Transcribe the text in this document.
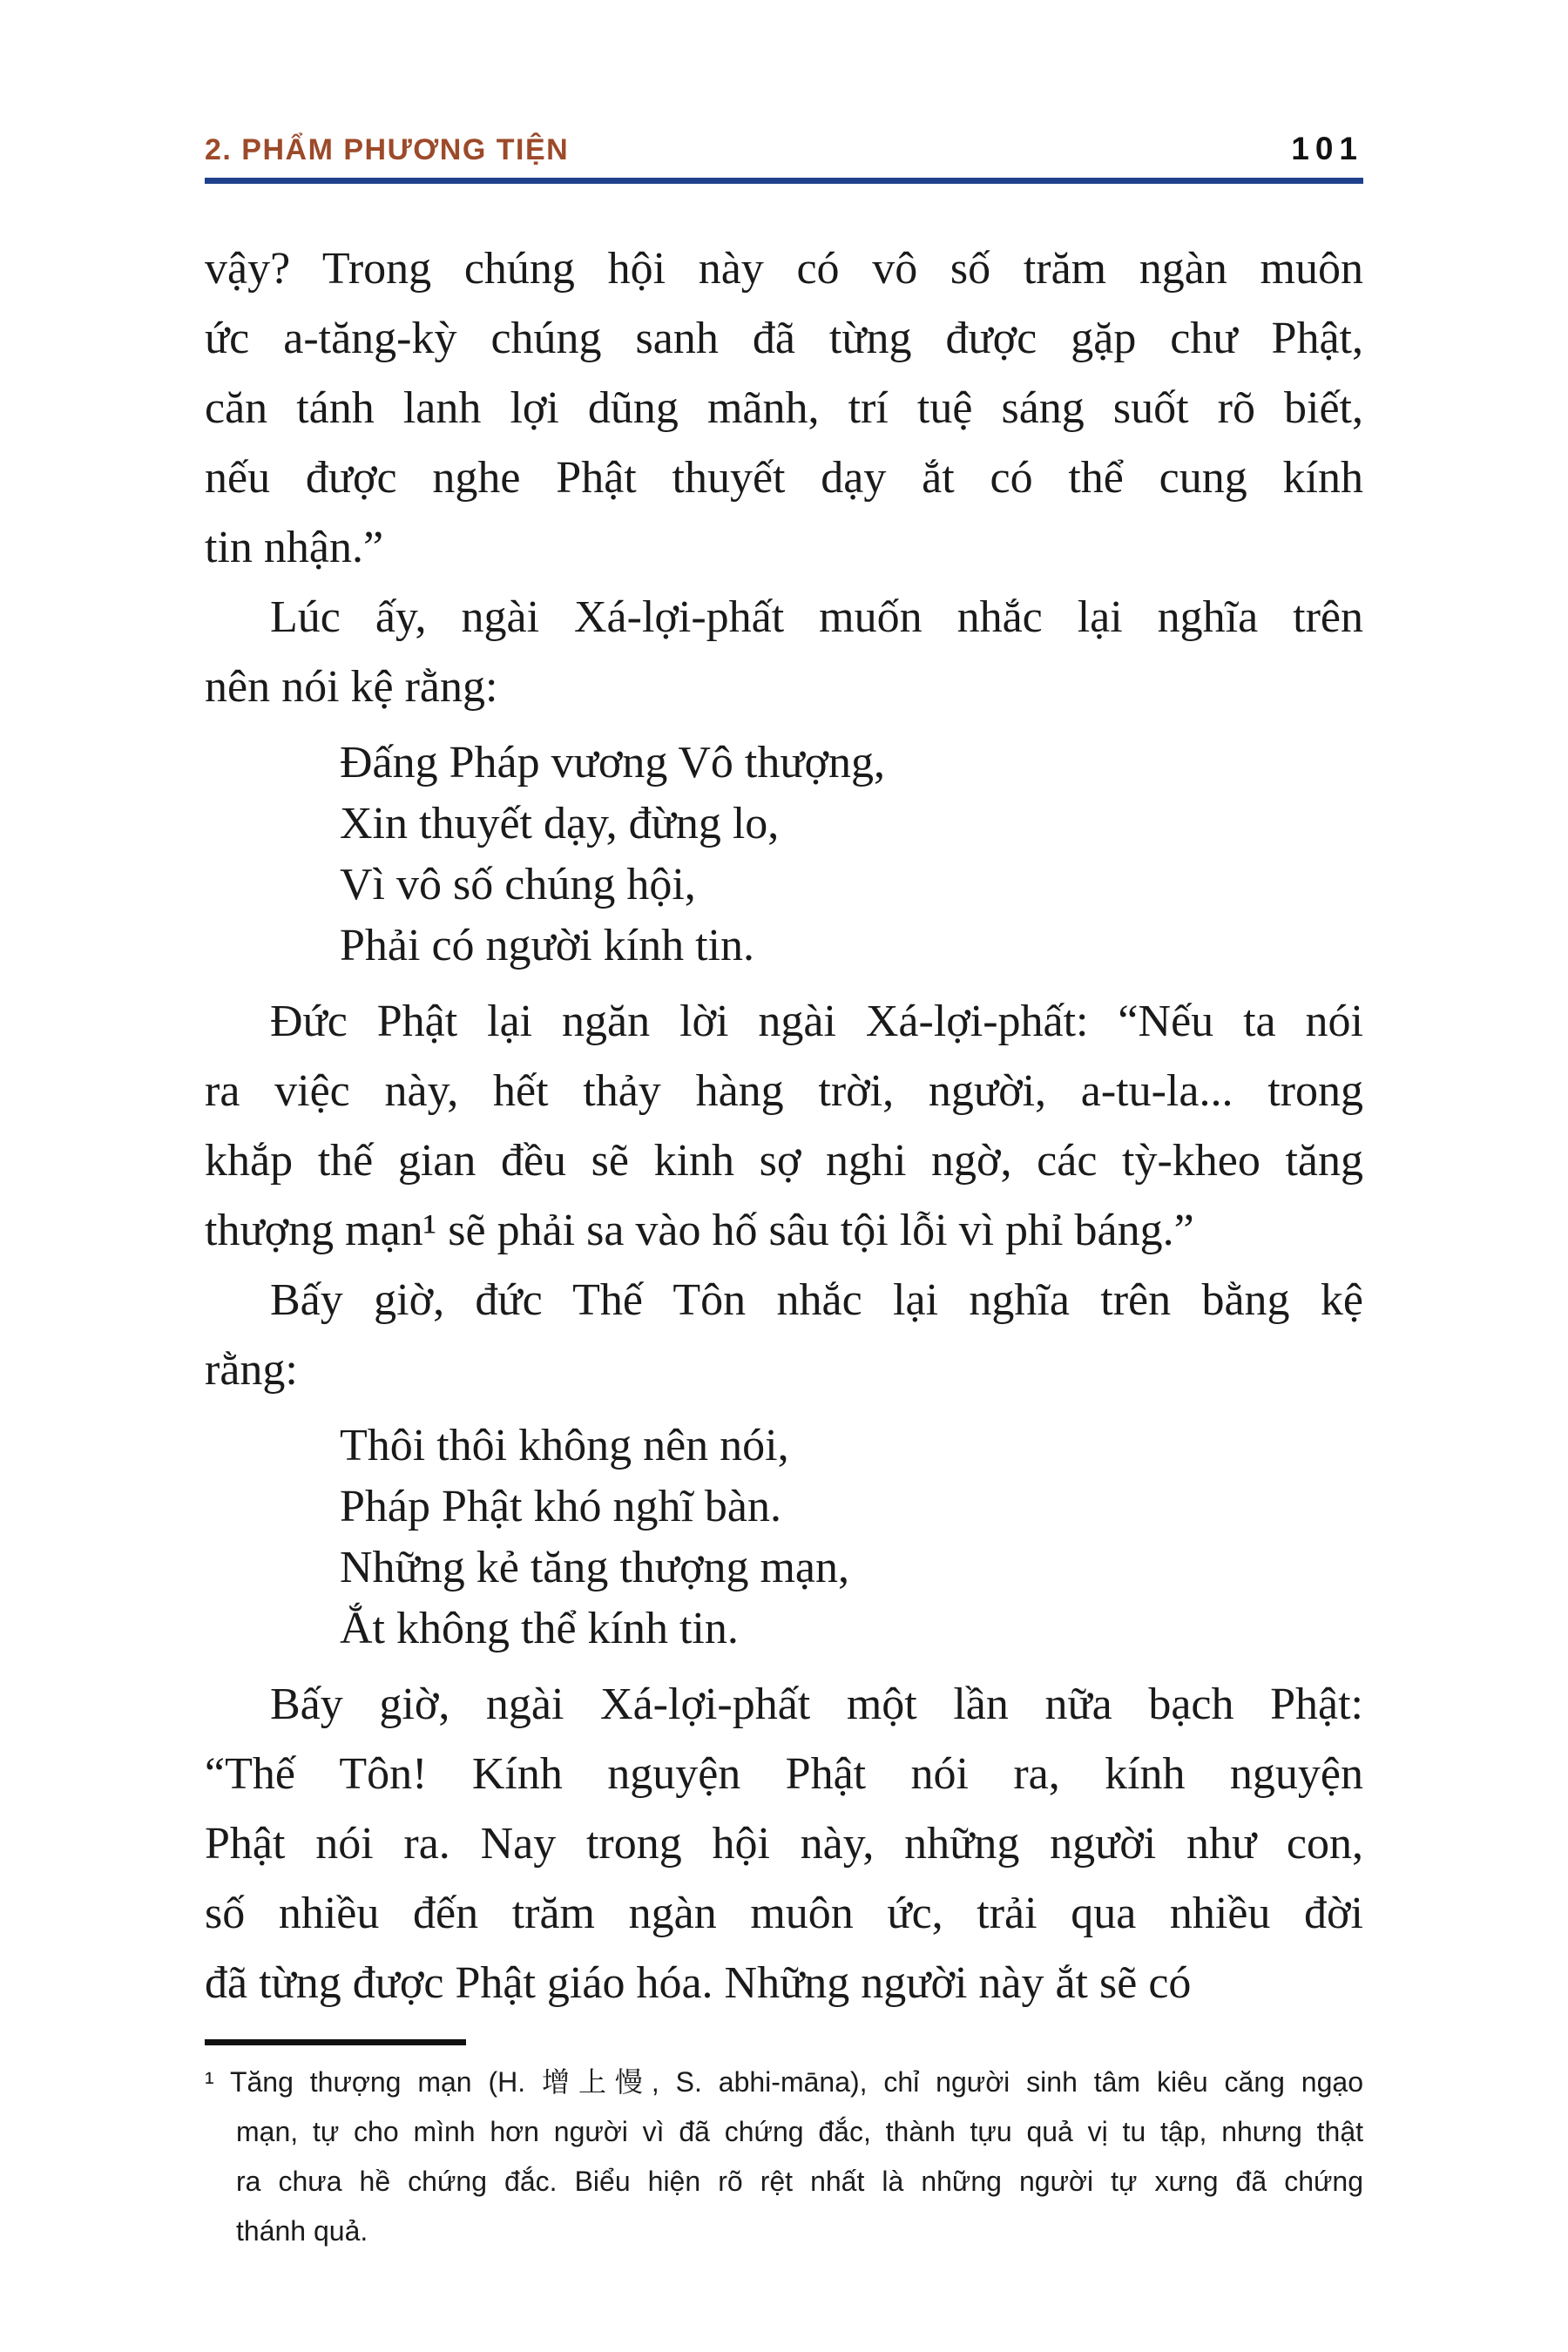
2. PHẨM PHƯƠNG TIỆN	101
vậy? Trong chúng hội này có vô số trăm ngàn muôn
ức a-tăng-kỳ chúng sanh đã từng được gặp chư Phật,
căn tánh lanh lợi dũng mãnh, trí tuệ sáng suốt rõ biết,
nếu được nghe Phật thuyết dạy ắt có thể cung kính
tin nhận.”
Lúc ấy, ngài Xá-lợi-phất muốn nhắc lại nghĩa trên
nên nói kệ rằng:
Đấng Pháp vương Vô thượng,
Xin thuyết dạy, đừng lo,
Vì vô số chúng hội,
Phải có người kính tin.
Đức Phật lại ngăn lời ngài Xá-lợi-phất: “Nếu ta nói
ra việc này, hết thảy hàng trời, người, a-tu-la... trong
khắp thế gian đều sẽ kinh sợ nghi ngờ, các tỳ-kheo tăng
thượng mạn¹ sẽ phải sa vào hố sâu tội lỗi vì phỉ báng.”
Bấy giờ, đức Thế Tôn nhắc lại nghĩa trên bằng kệ
rằng:
Thôi thôi không nên nói,
Pháp Phật khó nghĩ bàn.
Những kẻ tăng thượng mạn,
Ắt không thể kính tin.
Bấy giờ, ngài Xá-lợi-phất một lần nữa bạch Phật:
“Thế Tôn! Kính nguyện Phật nói ra, kính nguyện
Phật nói ra. Nay trong hội này, những người như con,
số nhiều đến trăm ngàn muôn ức, trải qua nhiều đời
đã từng được Phật giáo hóa. Những người này ắt sẽ có
¹ Tăng thượng mạn (H. 增上慢, S. abhi-māna), chỉ người sinh tâm kiêu căng ngạo
mạn, tự cho mình hơn người vì đã chứng đắc, thành tựu quả vị tu tập, nhưng thật
ra chưa hề chứng đắc. Biểu hiện rõ rệt nhất là những người tự xưng đã chứng
thánh quả.
